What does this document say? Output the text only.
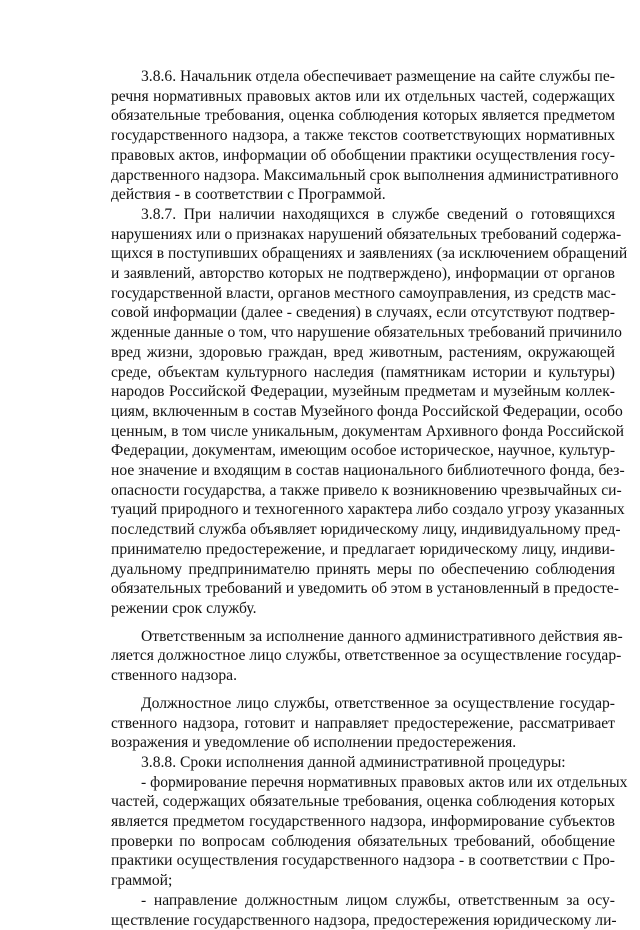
3.8.6. Начальник отдела обеспечивает размещение на сайте службы пе-
речня нормативных правовых актов или их отдельных частей, содержащих
обязательные требования, оценка соблюдения которых является предметом
государственного надзора, а также текстов соответствующих нормативных
правовых актов, информации об обобщении практики осуществления госу-
дарственного надзора. Максимальный срок выполнения административного
действия - в соответствии с Программой.
3.8.7. При наличии находящихся в службе сведений о готовящихся
нарушениях или о признаках нарушений обязательных требований содержа-
щихся в поступивших обращениях и заявлениях (за исключением обращений
и заявлений, авторство которых не подтверждено), информации от органов
государственной власти, органов местного самоуправления, из средств мас-
совой информации (далее - сведения) в случаях, если отсутствуют подтвер-
жденные данные о том, что нарушение обязательных требований причинило
вред жизни, здоровью граждан, вред животным, растениям, окружающей
среде, объектам культурного наследия (памятникам истории и культуры)
народов Российской Федерации, музейным предметам и музейным коллек-
циям, включенным в состав Музейного фонда Российской Федерации, особо
ценным, в том числе уникальным, документам Архивного фонда Российской
Федерации, документам, имеющим особое историческое, научное, культур-
ное значение и входящим в состав национального библиотечного фонда, без-
опасности государства, а также привело к возникновению чрезвычайных си-
туаций природного и техногенного характера либо создало угрозу указанных
последствий служба объявляет юридическому лицу, индивидуальному пред-
принимателю предостережение, и предлагает юридическому лицу, индиви-
дуальному предпринимателю принять меры по обеспечению соблюдения
обязательных требований и уведомить об этом в установленный в предосте-
режении срок службу.
Ответственным за исполнение данного административного действия яв-
ляется должностное лицо службы, ответственное за осуществление государ-
ственного надзора.
Должностное лицо службы, ответственное за осуществление государ-
ственного надзора, готовит и направляет предостережение, рассматривает
возражения и уведомление об исполнении предостережения.
3.8.8. Сроки исполнения данной административной процедуры:
- формирование перечня нормативных правовых актов или их отдельных
частей, содержащих обязательные требования, оценка соблюдения которых
является предметом государственного надзора, информирование субъектов
проверки по вопросам соблюдения обязательных требований, обобщение
практики осуществления государственного надзора - в соответствии с Про-
граммой;
- направление должностным лицом службы, ответственным за осу-
ществление государственного надзора, предостережения юридическому ли-
